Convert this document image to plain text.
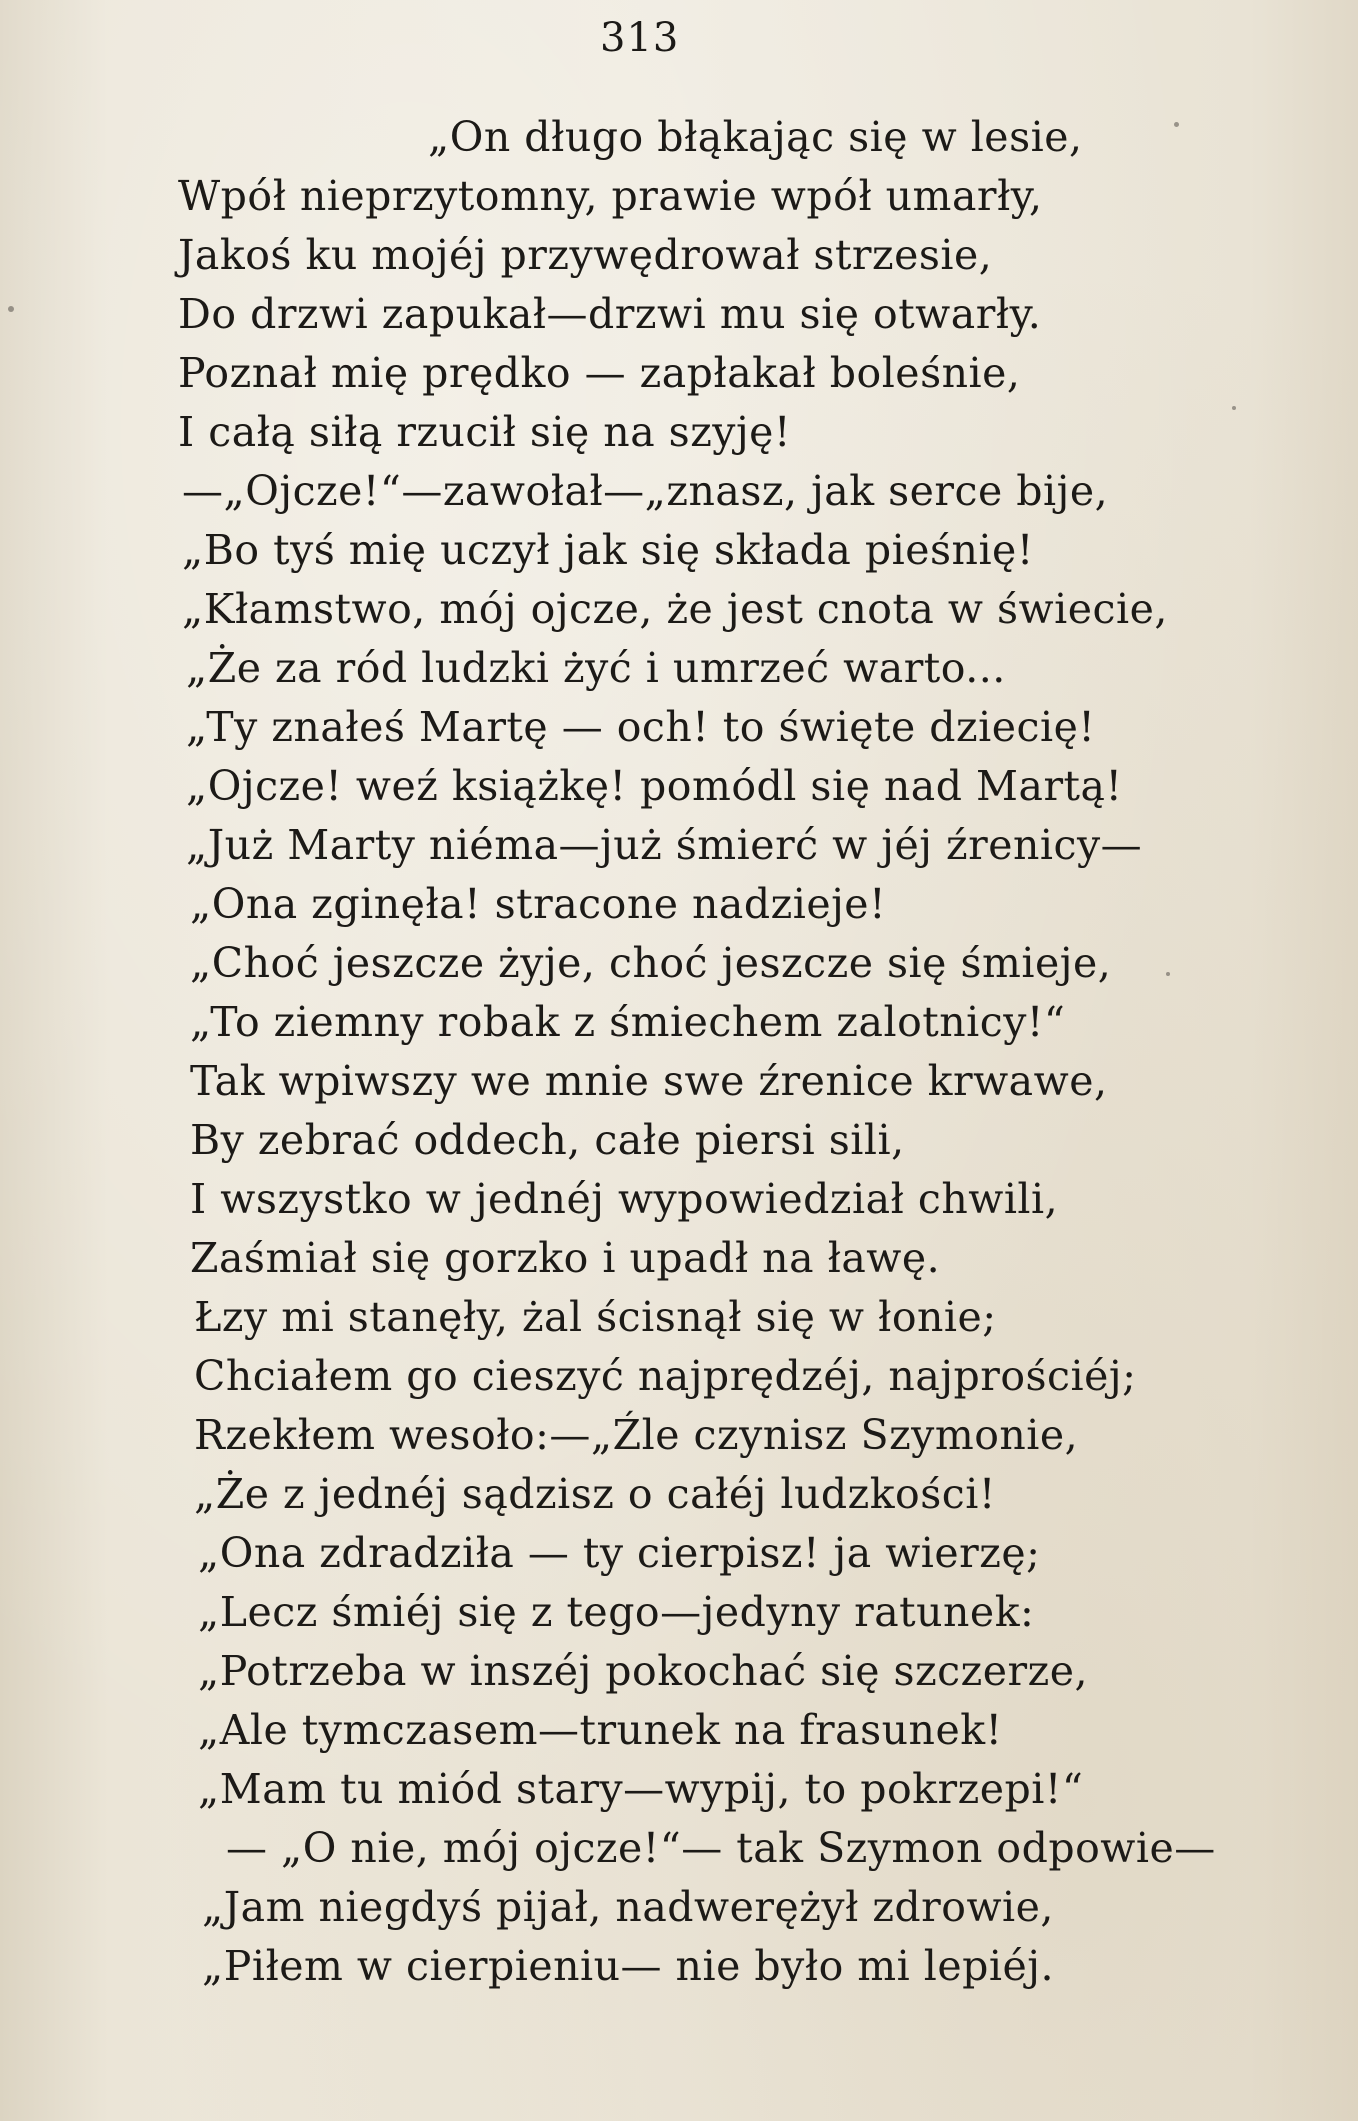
313
„On długo błąkając się w lesie,
Wpół nieprzytomny, prawie wpół umarły,
Jakoś ku mojéj przywędrował strzesie,
Do drzwi zapukał—drzwi mu się otwarły.
Poznał mię prędko — zapłakał boleśnie,
I całą siłą rzucił się na szyję!
—„Ojcze!“—zawołał—„znasz, jak serce bije,
„Bo tyś mię uczył jak się składa pieśnię!
„Kłamstwo, mój ojcze, że jest cnota w świecie,
„Że za ród ludzki żyć i umrzeć warto...
„Ty znałeś Martę — och! to święte dziecię!
„Ojcze! weź książkę! pomódl się nad Martą!
„Już Marty niéma—już śmierć w jéj źrenicy—
„Ona zginęła! stracone nadzieje!
„Choć jeszcze żyje, choć jeszcze się śmieje,
„To ziemny robak z śmiechem zalotnicy!“
Tak wpiwszy we mnie swe źrenice krwawe,
By zebrać oddech, całe piersi sili,
I wszystko w jednéj wypowiedział chwili,
Zaśmiał się gorzko i upadł na ławę.
Łzy mi stanęły, żal ścisnął się w łonie;
Chciałem go cieszyć najprędzéj, najprościéj;
Rzekłem wesoło:—„Źle czynisz Szymonie,
„Że z jednéj sądzisz o całéj ludzkości!
„Ona zdradziła — ty cierpisz! ja wierzę;
„Lecz śmiéj się z tego—jedyny ratunek:
„Potrzeba w inszéj pokochać się szczerze,
„Ale tymczasem—trunek na frasunek!
„Mam tu miód stary—wypij, to pokrzepi!“
— „O nie, mój ojcze!“— tak Szymon odpowie—
„Jam niegdyś pijał, nadwerężył zdrowie,
„Piłem w cierpieniu— nie było mi lepiéj.
